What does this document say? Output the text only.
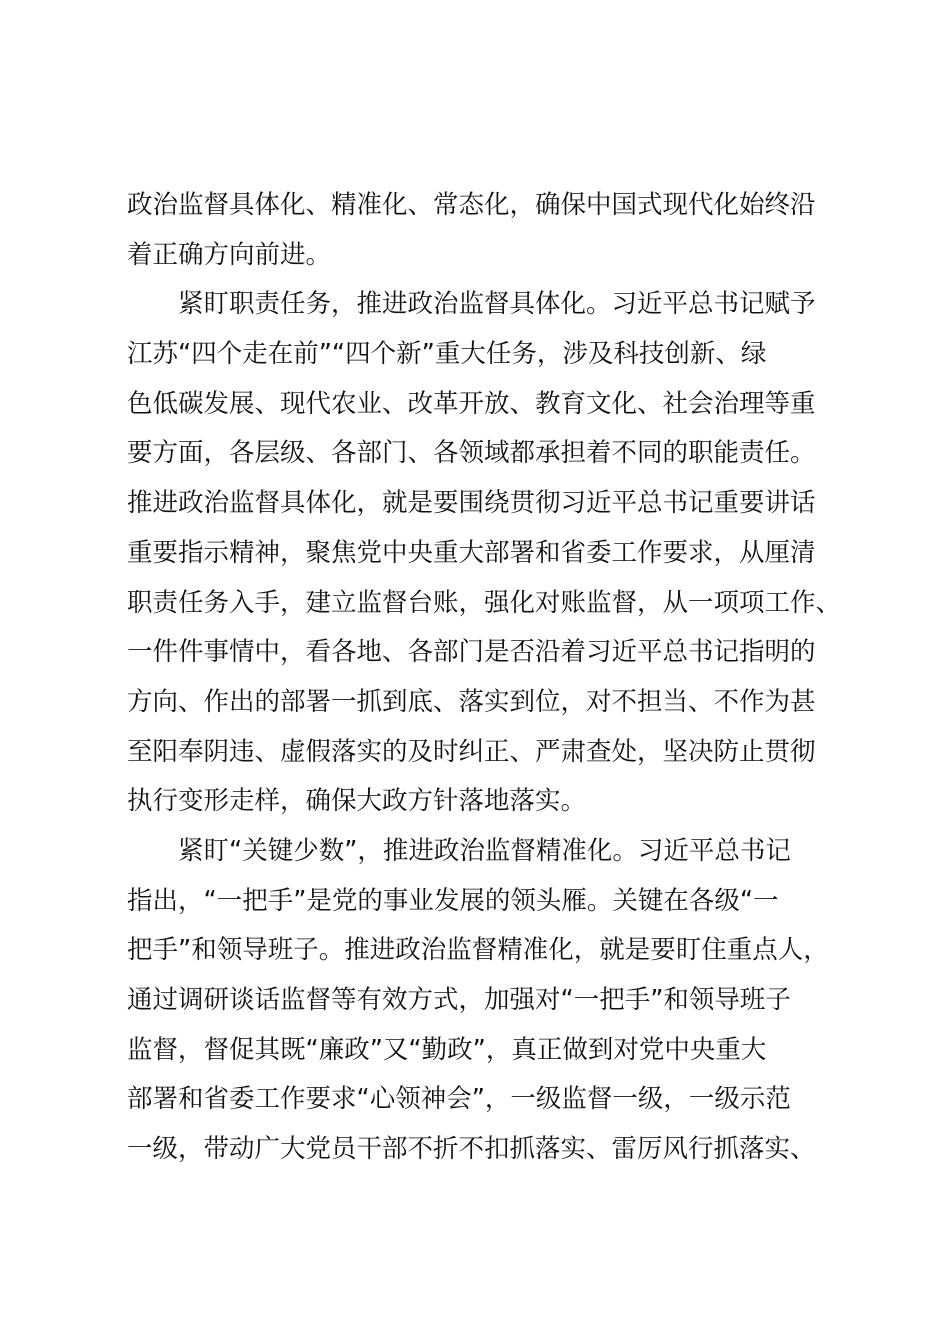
政治监督具体化、精准化、常态化，确保中国式现代化始终沿
着正确方向前进。
紧盯职责任务，推进政治监督具体化。习近平总书记赋予
江苏“四个走在前”“四个新”重大任务，涉及科技创新、绿
色低碳发展、现代农业、改革开放、教育文化、社会治理等重
要方面，各层级、各部门、各领域都承担着不同的职能责任。
推进政治监督具体化，就是要围绕贯彻习近平总书记重要讲话
重要指示精神，聚焦党中央重大部署和省委工作要求，从厘清
职责任务入手，建立监督台账，强化对账监督，从一项项工作、
一件件事情中，看各地、各部门是否沿着习近平总书记指明的
方向、作出的部署一抓到底、落实到位，对不担当、不作为甚
至阳奉阴违、虚假落实的及时纠正、严肃查处，坚决防止贯彻
执行变形走样，确保大政方针落地落实。
紧盯“关键少数”，推进政治监督精准化。习近平总书记
指出，“一把手”是党的事业发展的领头雁。关键在各级“一
把手”和领导班子。推进政治监督精准化，就是要盯住重点人，
通过调研谈话监督等有效方式，加强对“一把手”和领导班子
监督，督促其既“廉政”又“勤政”，真正做到对党中央重大
部署和省委工作要求“心领神会”，一级监督一级，一级示范
一级，带动广大党员干部不折不扣抓落实、雷厉风行抓落实、
